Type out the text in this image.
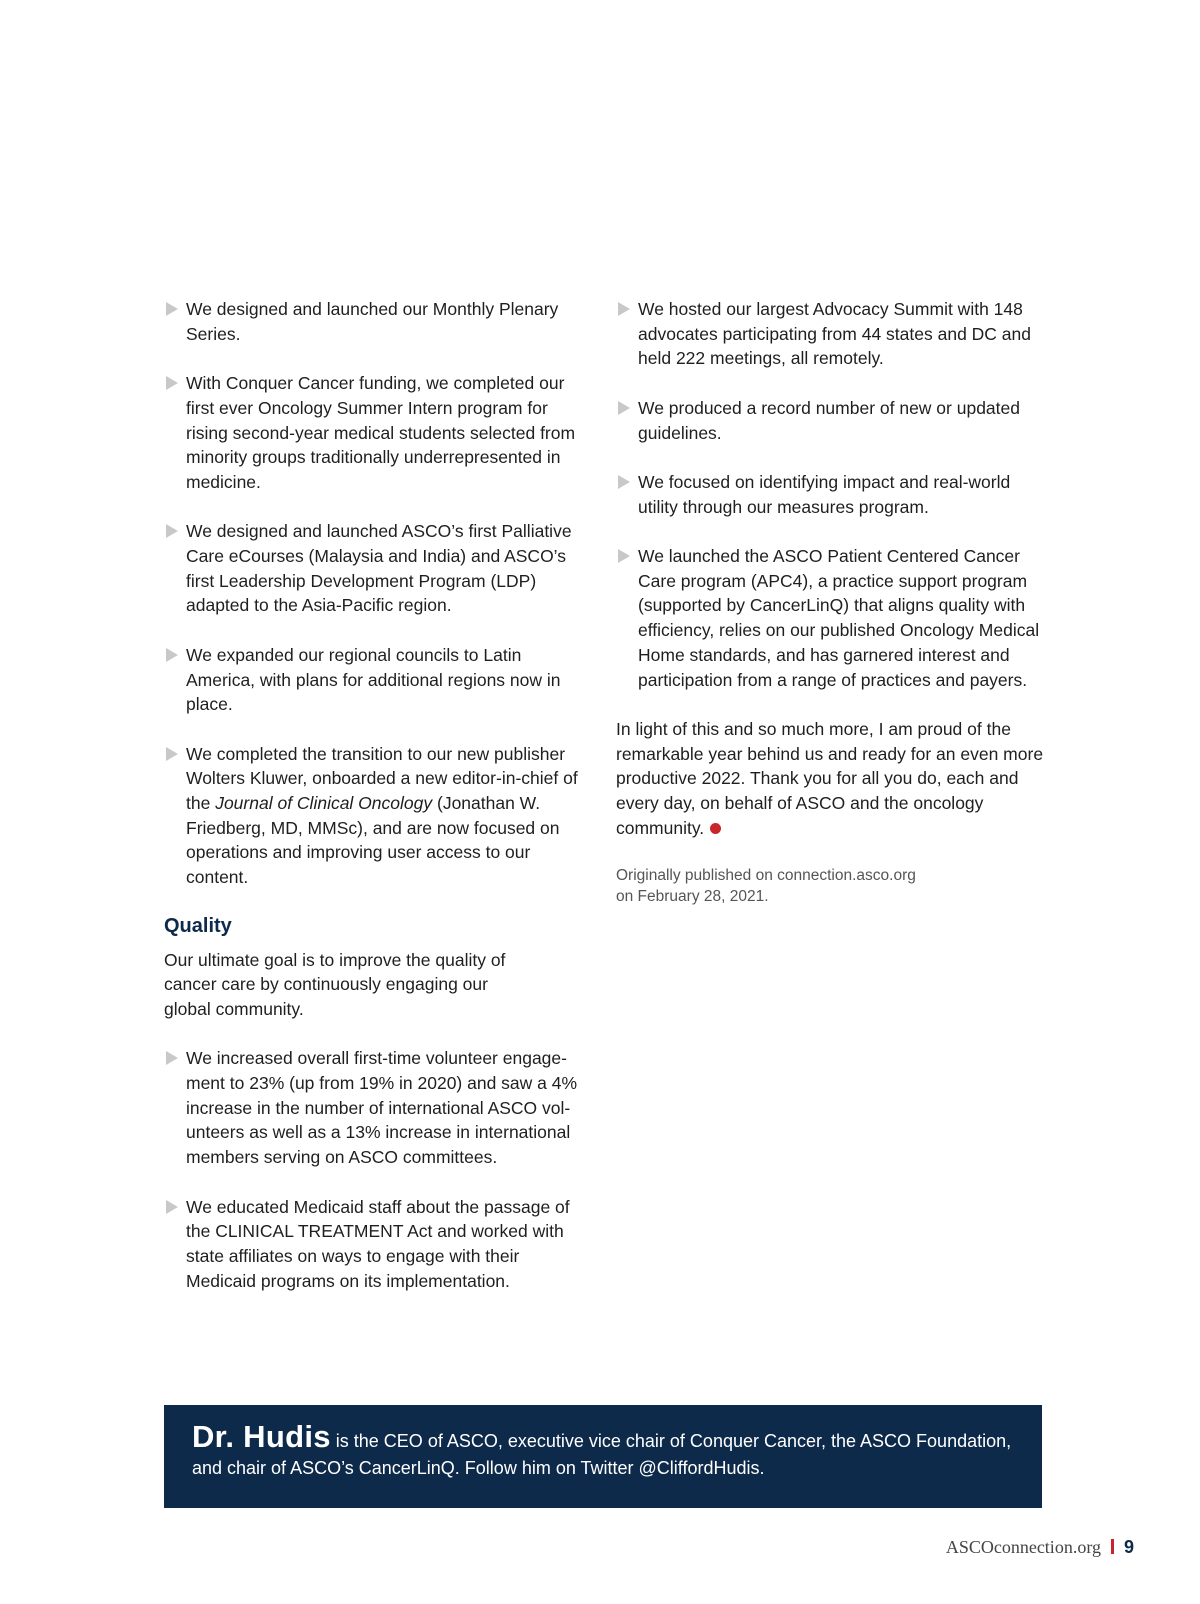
We designed and launched our Monthly Plenary Series.
With Conquer Cancer funding, we completed our first ever Oncology Summer Intern program for rising second-year medical students selected from minority groups traditionally underrepresented in medicine.
We designed and launched ASCO’s first Palliative Care eCourses (Malaysia and India) and ASCO’s first Leadership Development Program (LDP) adapted to the Asia-Pacific region.
We expanded our regional councils to Latin America, with plans for additional regions now in place.
We completed the transition to our new publisher Wolters Kluwer, onboarded a new editor-in-chief of the Journal of Clinical Oncology (Jonathan W. Friedberg, MD, MMSc), and are now focused on operations and improving user access to our content.
Quality

Our ultimate goal is to improve the quality of cancer care by continuously engaging our global community.

We increased overall first-time volunteer engagement to 23% (up from 19% in 2020) and saw a 4% increase in the number of international ASCO volunteers as well as a 13% increase in international members serving on ASCO committees.
We educated Medicaid staff about the passage of the CLINICAL TREATMENT Act and worked with state affiliates on ways to engage with their Medicaid programs on its implementation.
We hosted our largest Advocacy Summit with 148 advocates participating from 44 states and DC and held 222 meetings, all remotely.
We produced a record number of new or updated guidelines.
We focused on identifying impact and real-world utility through our measures program.
We launched the ASCO Patient Centered Cancer Care program (APC4), a practice support program (supported by CancerLinQ) that aligns quality with efficiency, relies on our published Oncology Medical Home standards, and has garnered interest and participation from a range of practices and payers.

In light of this and so much more, I am proud of the remarkable year behind us and ready for an even more productive 2022. Thank you for all you do, each and every day, on behalf of ASCO and the oncology community.

Originally published on connection.asco.org
on February 28, 2021.

Dr. Hudis is the CEO of ASCO, executive vice chair of Conquer Cancer, the ASCO Foundation, and chair of ASCO’s CancerLinQ. Follow him on Twitter @CliffordHudis.

ASCOconnection.org 9
